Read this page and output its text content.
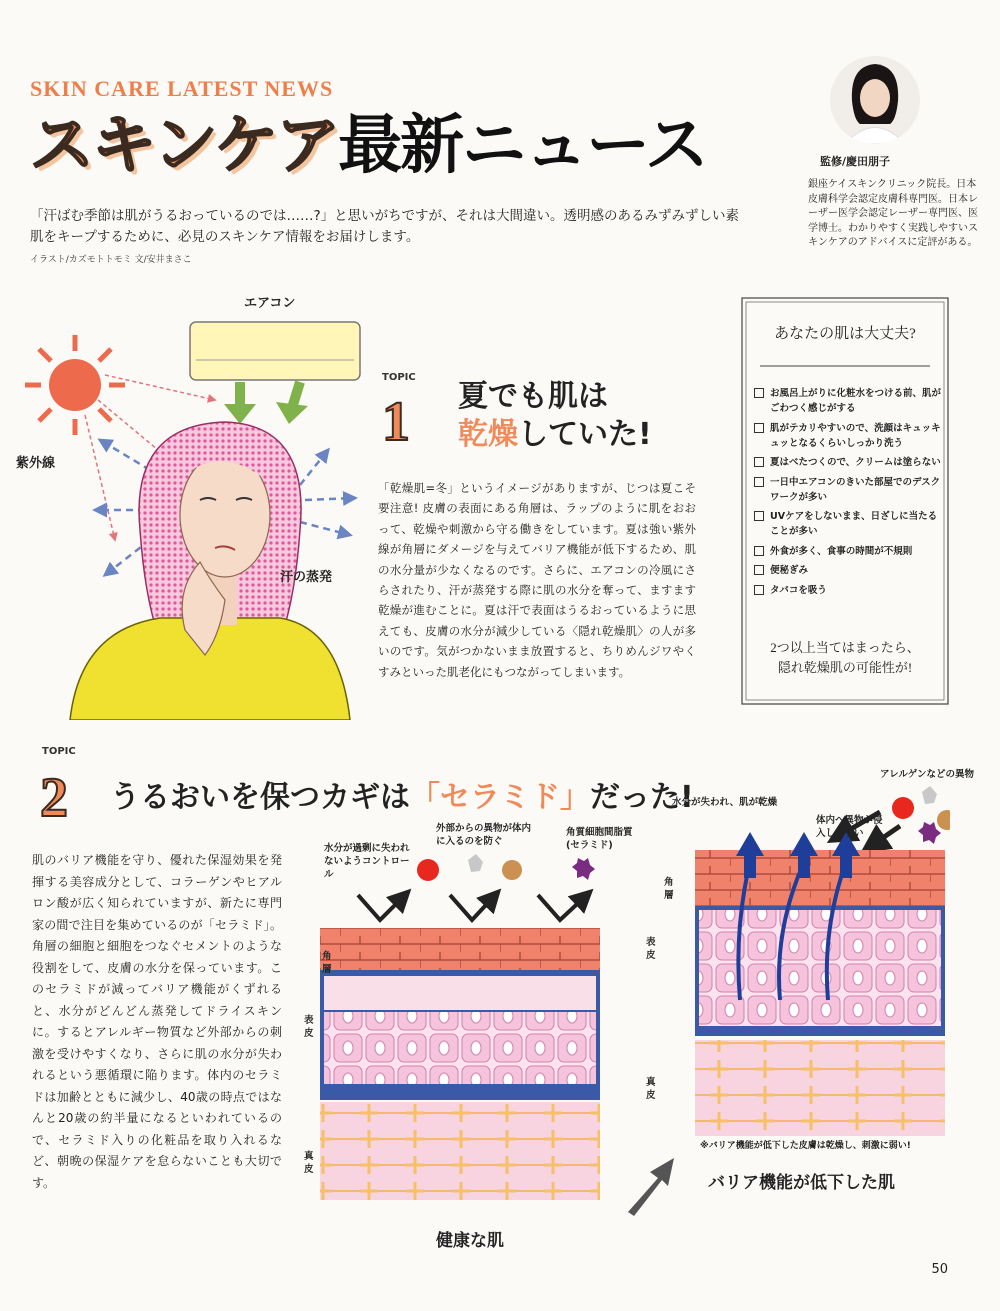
SKIN CARE LATEST NEWS
スキンケア最新ニュース
「汗ばむ季節は肌がうるおっているのでは……?」と思いがちですが、それは大間違い。透明感のあるみずみずしい素肌をキープするために、必見のスキンケア情報をお届けします。
イラスト/カズモトトモミ 文/安井まさこ
監修/慶田朋子
銀座ケイスキンクリニック院長。日本皮膚科学会認定皮膚科専門医。日本レーザー医学会認定レーザー専門医、医学博士。わかりやすく実践しやすいスキンケアのアドバイスに定評がある。
エアコン
紫外線
汗の蒸発
TOPIC
1 夏でも肌は
乾燥していた!
「乾燥肌=冬」というイメージがありますが、じつは夏こそ要注意! 皮膚の表面にある角層は、ラップのように肌をおおって、乾燥や刺激から守る働きをしています。夏は強い紫外線が角層にダメージを与えてバリア機能が低下するため、肌の水分量が少なくなるのです。さらに、エアコンの冷風にさらされたり、汗が蒸発する際に肌の水分を奪って、ますます乾燥が進むことに。夏は汗で表面はうるおっているように思えても、皮膚の水分が減少している〈隠れ乾燥肌〉の人が多いのです。気がつかないまま放置すると、ちりめんジワやくすみといった肌老化にもつながってしまいます。
あなたの肌は大丈夫?
お風呂上がりに化粧水をつける前、肌がごわつく感じがする
肌がテカリやすいので、洗顔はキュッキュッとなるくらいしっかり洗う
夏はべたつくので、クリームは塗らない
一日中エアコンのきいた部屋でのデスクワークが多い
UVケアをしないまま、日ざしに当たることが多い
外食が多く、食事の時間が不規則
便秘ぎみ
タバコを吸う
2つ以上当てはまったら、
隠れ乾燥肌の可能性が!
TOPIC
2 うるおいを保つカギは「セラミド」だった!
肌のバリア機能を守り、優れた保湿効果を発揮する美容成分として、コラーゲンやヒアルロン酸が広く知られていますが、新たに専門家の間で注目を集めているのが「セラミド」。角層の細胞と細胞をつなぐセメントのような役割をして、皮膚の水分を保っています。このセラミドが減ってバリア機能がくずれると、水分がどんどん蒸発してドライスキンに。するとアレルギー物質など外部からの刺激を受けやすくなり、さらに肌の水分が失われるという悪循環に陥ります。体内のセラミドは加齢とともに減少し、40歳の時点ではなんと20歳の約半量になるといわれているので、セラミド入りの化粧品を取り入れるなど、朝晩の保湿ケアを怠らないことも大切です。
水分が過剰に失われないようコントロール
外部からの異物が体内に入るのを防ぐ
角質細胞間脂質(セラミド)
角層
表皮
真皮
健康な肌
水分が失われ、肌が乾燥
体内へ異物が侵入しやすい
アレルゲンなどの異物
角層
表皮
真皮
※バリア機能が低下した皮膚は乾燥し、刺激に弱い!
バリア機能が低下した肌
50
